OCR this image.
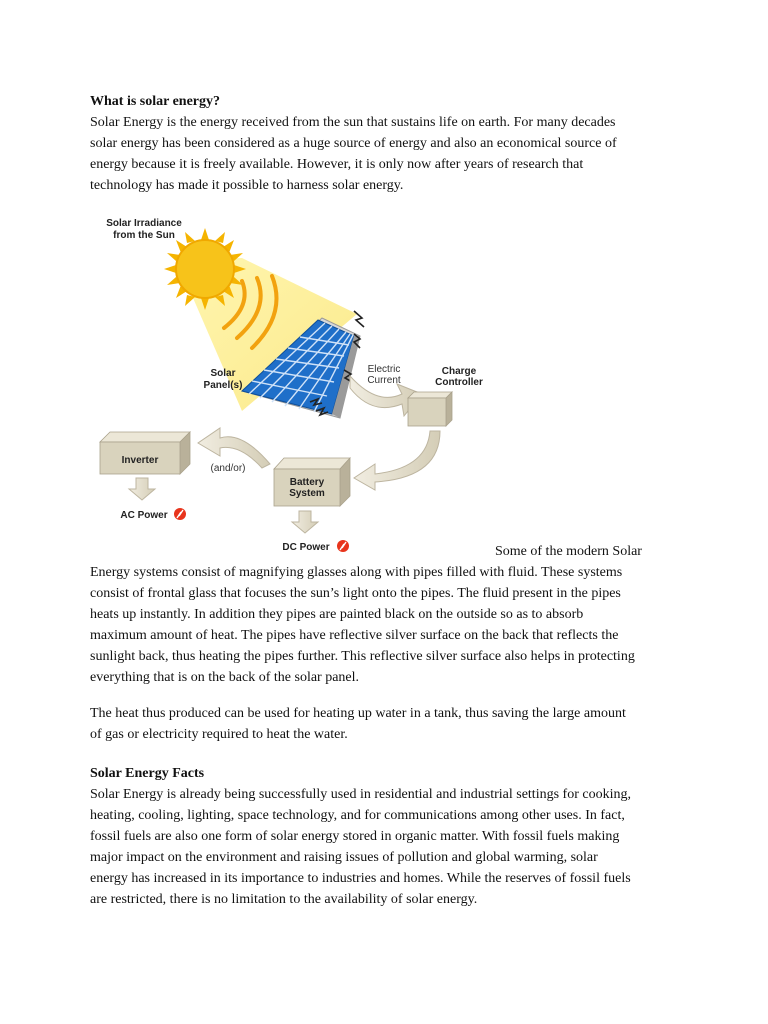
What is solar energy?
Solar Energy is the energy received from the sun that sustains life on earth. For many decades
solar energy has been considered as a huge source of energy and also an economical source of
energy because it is freely available. However, it is only now after years of research that
technology has made it possible to harness solar energy.
Some of the modern Solar
Energy systems consist of magnifying glasses along with pipes filled with fluid. These systems
consist of frontal glass that focuses the sun’s light onto the pipes. The fluid present in the pipes
heats up instantly. In addition they pipes are painted black on the outside so as to absorb
maximum amount of heat. The pipes have reflective silver surface on the back that reflects the
sunlight back, thus heating the pipes further. This reflective silver surface also helps in protecting
everything that is on the back of the solar panel.
The heat thus produced can be used for heating up water in a tank, thus saving the large amount
of gas or electricity required to heat the water.
Solar Energy Facts
Solar Energy is already being successfully used in residential and industrial settings for cooking,
heating, cooling, lighting, space technology, and for communications among other uses. In fact,
fossil fuels are also one form of solar energy stored in organic matter. With fossil fuels making
major impact on the environment and raising issues of pollution and global warming, solar
energy has increased in its importance to industries and homes. While the reserves of fossil fuels
are restricted, there is no limitation to the availability of solar energy.
Solar Irradiance
from the Sun
Solar
Panel(s)
Electric
Current
Charge
Controller
Inverter
(and/or)
Battery
System
AC Power
DC Power
